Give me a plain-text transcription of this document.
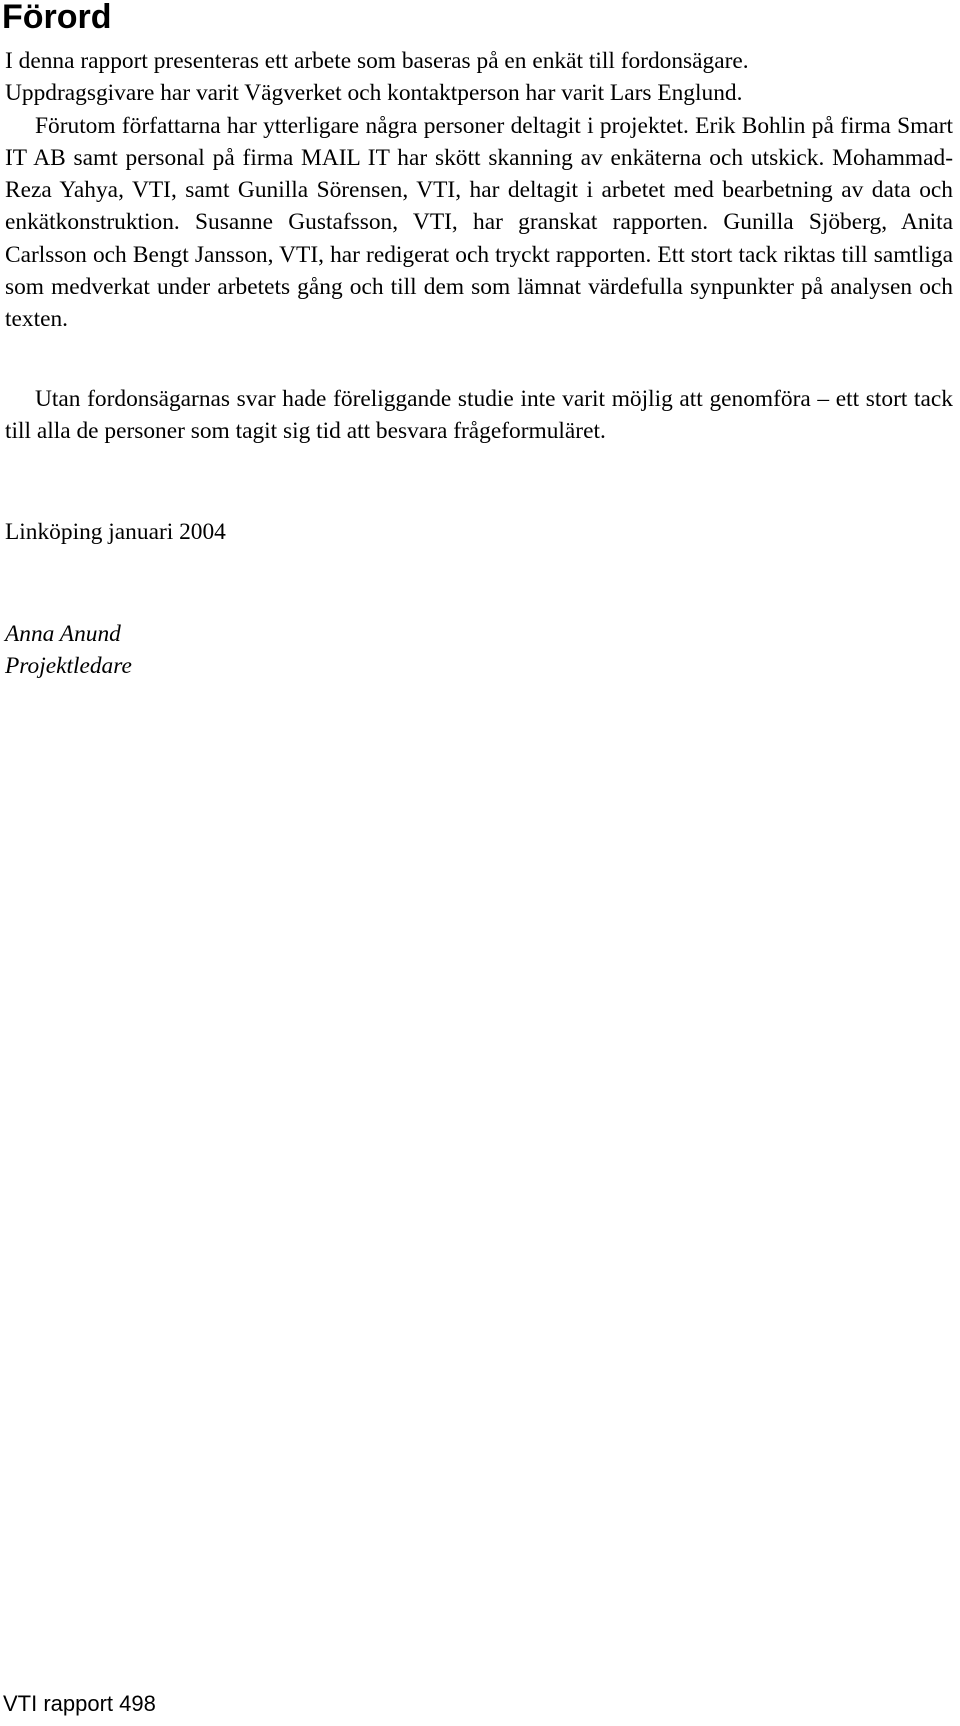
Förord

I denna rapport presenteras ett arbete som baseras på en enkät till fordonsägare.
Uppdragsgivare har varit Vägverket och kontaktperson har varit Lars Englund.
Förutom författarna har ytterligare några personer deltagit i projektet. Erik Bohlin på firma Smart IT AB samt personal på firma MAIL IT har skött skanning av enkäterna och utskick. Mohammad-Reza Yahya, VTI, samt Gunilla Sörensen, VTI, har deltagit i arbetet med bearbetning av data och enkätkonstruktion. Susanne Gustafsson, VTI, har granskat rapporten. Gunilla Sjöberg, Anita Carlsson och Bengt Jansson, VTI, har redigerat och tryckt rapporten. Ett stort tack riktas till samtliga som medverkat under arbetets gång och till dem som lämnat värdefulla synpunkter på analysen och texten.

Utan fordonsägarnas svar hade föreliggande studie inte varit möjlig att genomföra – ett stort tack till alla de personer som tagit sig tid att besvara frågeformuläret.

Linköping januari 2004

Anna Anund

Projektledare

VTI rapport 498
